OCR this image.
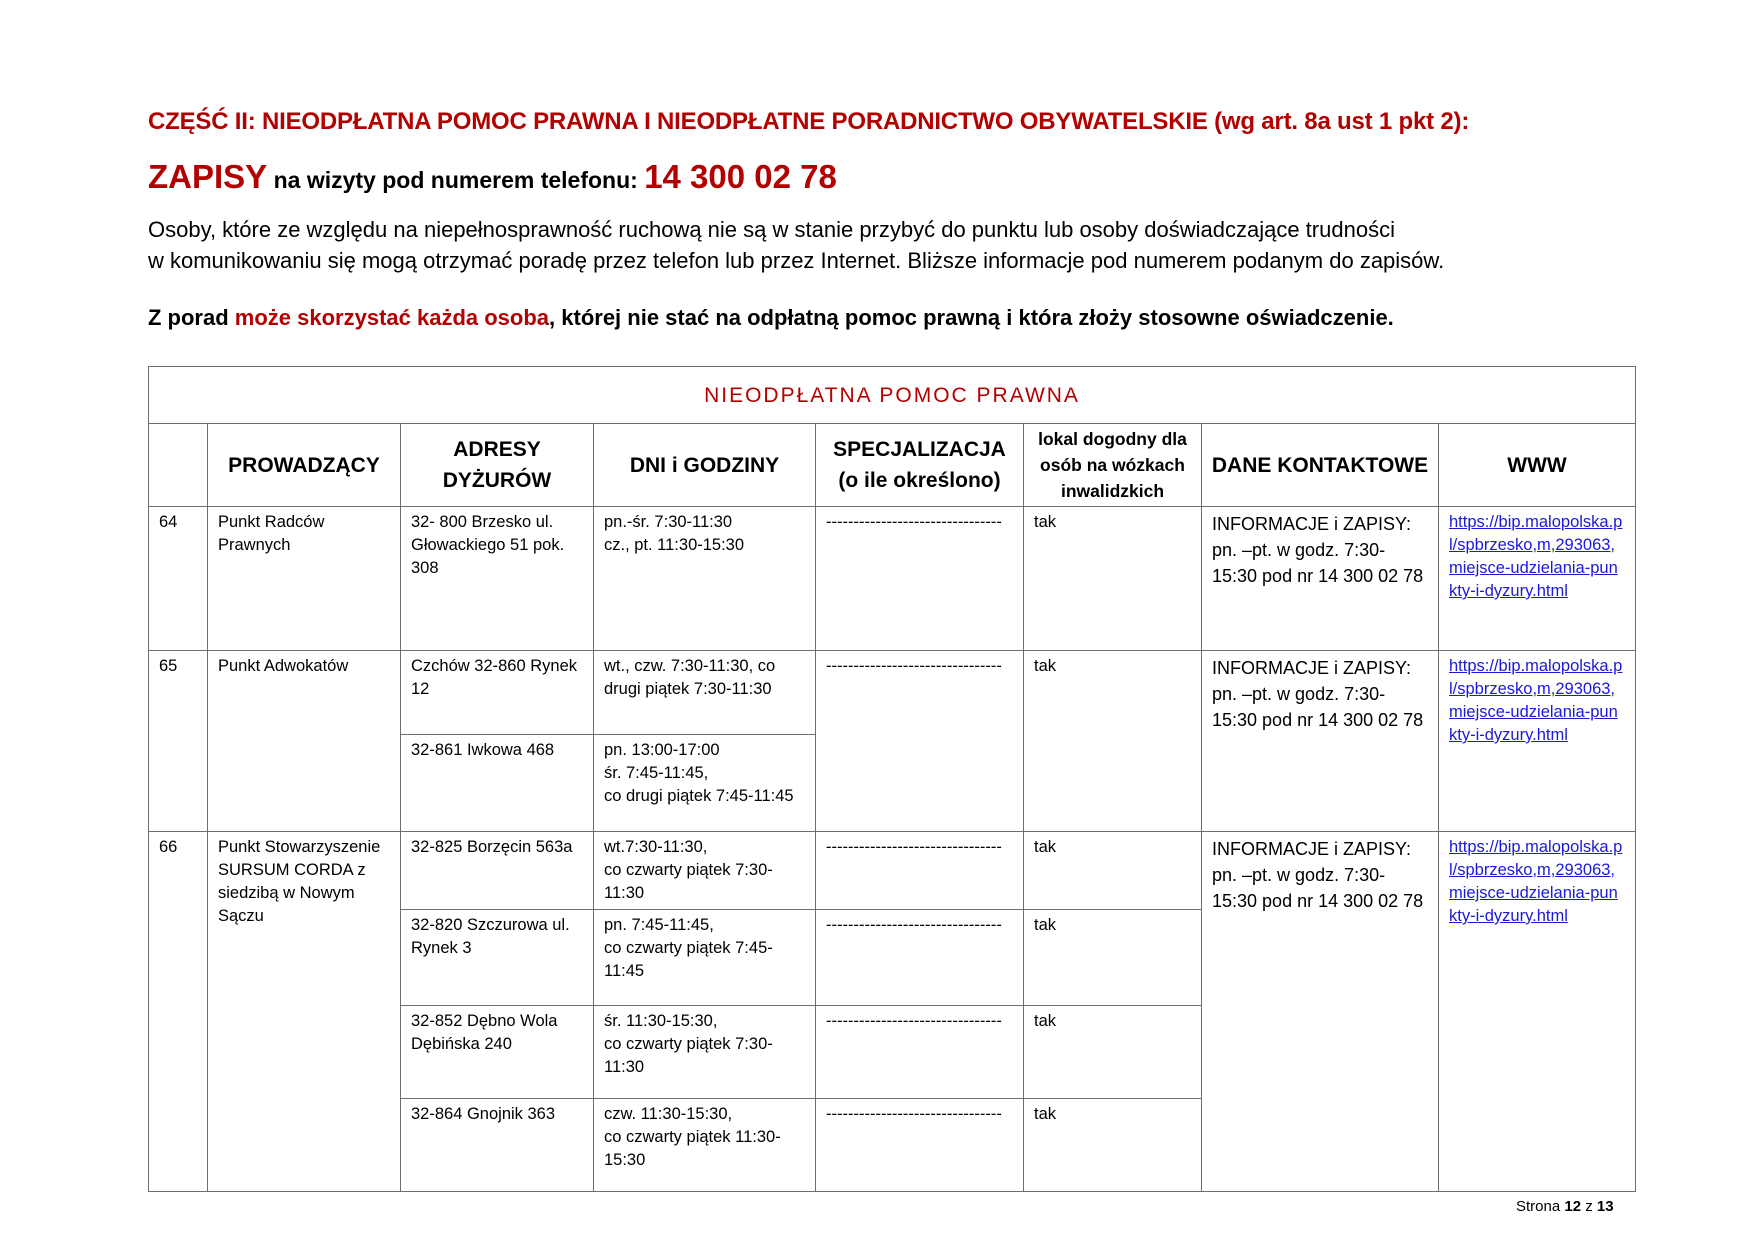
CZĘŚĆ II: NIEODPŁATNA POMOC PRAWNA I NIEODPŁATNE PORADNICTWO OBYWATELSKIE (wg art. 8a ust 1 pkt 2):
ZAPISY na wizyty pod numerem telefonu: 14 300 02 78
Osoby, które ze względu na niepełnosprawność ruchową nie są w stanie przybyć do punktu lub osoby doświadczające trudności
w komunikowaniu się mogą otrzymać poradę przez telefon lub przez Internet. Bliższe informacje pod numerem podanym do zapisów.
Z porad może skorzystać każda osoba, której nie stać na odpłatną pomoc prawną i która złoży stosowne oświadczenie.
NIEODPŁATNA POMOC PRAWNA							
	PROWADZĄCY	ADRESY DYŻURÓW	DNI i GODZINY	SPECJALIZACJA (o ile określono)	lokal dogodny dla osób na wózkach inwalidzkich	DANE KONTAKTOWE	WWW
64	Punkt Radców Prawnych	32- 800 Brzesko ul. Głowackiego 51 pok. 308	pn.-śr. 7:30-11:30
cz., pt. 11:30-15:30	--------------------------------	tak	INFORMACJE i ZAPISY: pn. –pt. w godz. 7:30-15:30 pod nr 14 300 02 78	https://bip.malopolska.pl/spbrzesko,m,293063,miejsce-udzielania-punkty-i-dyzury.html
65	Punkt Adwokatów	Czchów 32-860 Rynek 12	wt., czw. 7:30-11:30, co drugi piątek 7:30-11:30	--------------------------------	tak	INFORMACJE i ZAPISY: pn. –pt. w godz. 7:30-15:30 pod nr 14 300 02 78	https://bip.malopolska.pl/spbrzesko,m,293063,miejsce-udzielania-punkty-i-dyzury.html
		32-861 Iwkowa 468	pn. 13:00-17:00
śr. 7:45-11:45,
co drugi piątek 7:45-11:45				
66	Punkt Stowarzyszenie SURSUM CORDA z siedzibą w Nowym Sączu	32-825 Borzęcin 563a	wt.7:30-11:30,
co czwarty piątek 7:30-11:30	--------------------------------	tak	INFORMACJE i ZAPISY: pn. –pt. w godz. 7:30-15:30 pod nr 14 300 02 78	https://bip.malopolska.pl/spbrzesko,m,293063,miejsce-udzielania-punkty-i-dyzury.html
		32-820 Szczurowa ul. Rynek 3	pn. 7:45-11:45,
co czwarty piątek 7:45-11:45	--------------------------------	tak		
		32-852 Dębno Wola Dębińska 240	śr. 11:30-15:30,
co czwarty piątek 7:30-11:30	--------------------------------	tak		
		32-864 Gnojnik 363	czw. 11:30-15:30,
co czwarty piątek 11:30-15:30	--------------------------------	tak		
Strona 12 z 13
